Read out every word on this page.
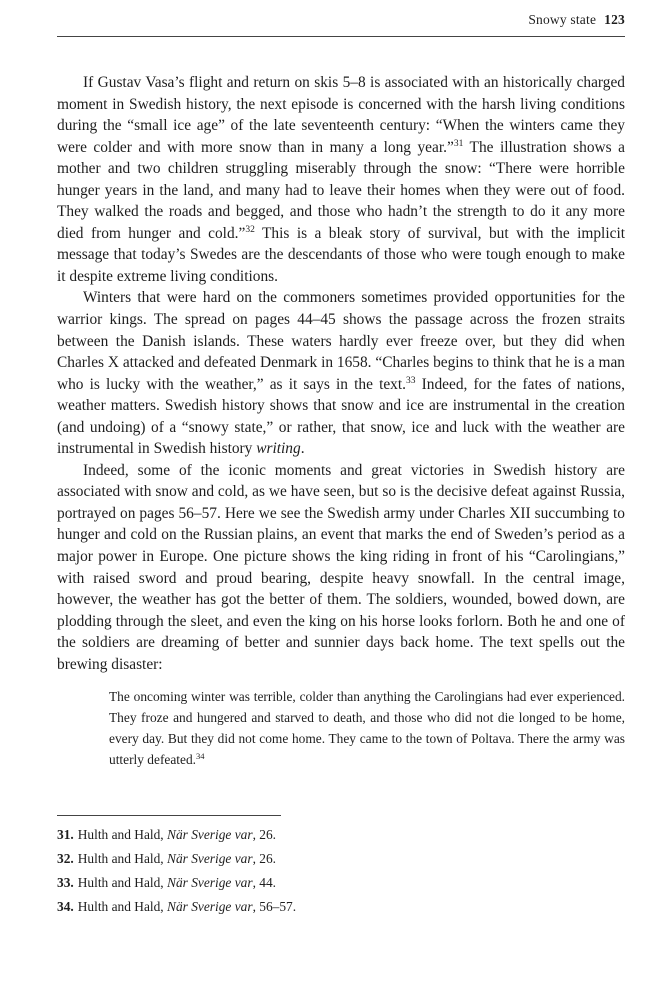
Snowy state 123

If Gustav Vasa’s flight and return on skis 5–8 is associated with an historically charged moment in Swedish history, the next episode is concerned with the harsh living conditions during the “small ice age” of the late seventeenth century: “When the winters came they were colder and with more snow than in many a long year.”$^{31}$ The illustration shows a mother and two children struggling miserably through the snow: “There were horrible hunger years in the land, and many had to leave their homes when they were out of food. They walked the roads and begged, and those who hadn’t the strength to do it any more died from hunger and cold.”$^{32}$ This is a bleak story of survival, but with the implicit message that today’s Swedes are the descendants of those who were tough enough to make it despite extreme living conditions.

Winters that were hard on the commoners sometimes provided opportunities for the warrior kings. The spread on pages 44–45 shows the passage across the frozen straits between the Danish islands. These waters hardly ever freeze over, but they did when Charles X attacked and defeated Denmark in 1658. “Charles begins to think that he is a man who is lucky with the weather,” as it says in the text.$^{33}$ Indeed, for the fates of nations, weather matters. Swedish history shows that snow and ice are instrumental in the creation (and undoing) of a “snowy state,” or rather, that snow, ice and luck with the weather are instrumental in Swedish history writing.

Indeed, some of the iconic moments and great victories in Swedish history are associated with snow and cold, as we have seen, but so is the decisive defeat against Russia, portrayed on pages 56–57. Here we see the Swedish army under Charles XII succumbing to hunger and cold on the Russian plains, an event that marks the end of Sweden’s period as a major power in Europe. One picture shows the king riding in front of his “Carolingians,” with raised sword and proud bearing, despite heavy snowfall. In the central image, however, the weather has got the better of them. The soldiers, wounded, bowed down, are plodding through the sleet, and even the king on his horse looks forlorn. Both he and one of the soldiers are dreaming of better and sunnier days back home. The text spells out the brewing disaster:

The oncoming winter was terrible, colder than anything the Carolingians had ever experienced. They froze and hungered and starved to death, and those who did not die longed to be home, every day. But they did not come home. They came to the town of Poltava. There the army was utterly defeated.$^{34}$
31. Hulth and Hald, När Sverige var, 26.
32. Hulth and Hald, När Sverige var, 26.
33. Hulth and Hald, När Sverige var, 44.
34. Hulth and Hald, När Sverige var, 56–57.
